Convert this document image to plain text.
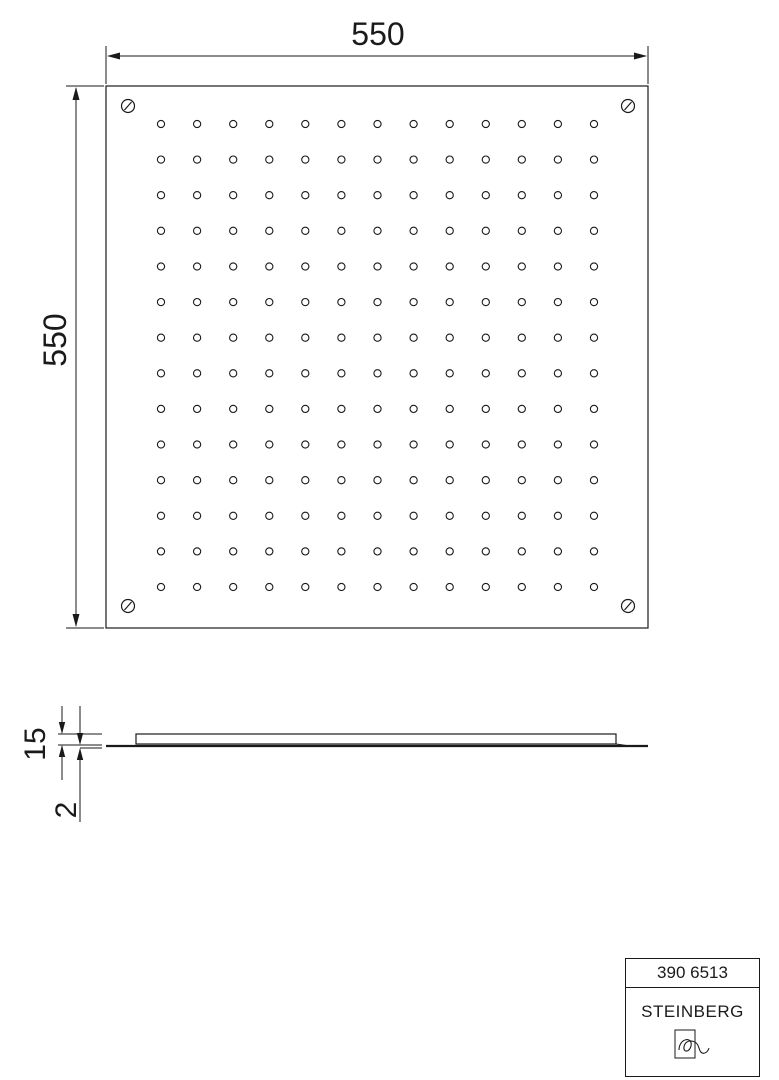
550
550
15
2
390 6513
STEINBERG
